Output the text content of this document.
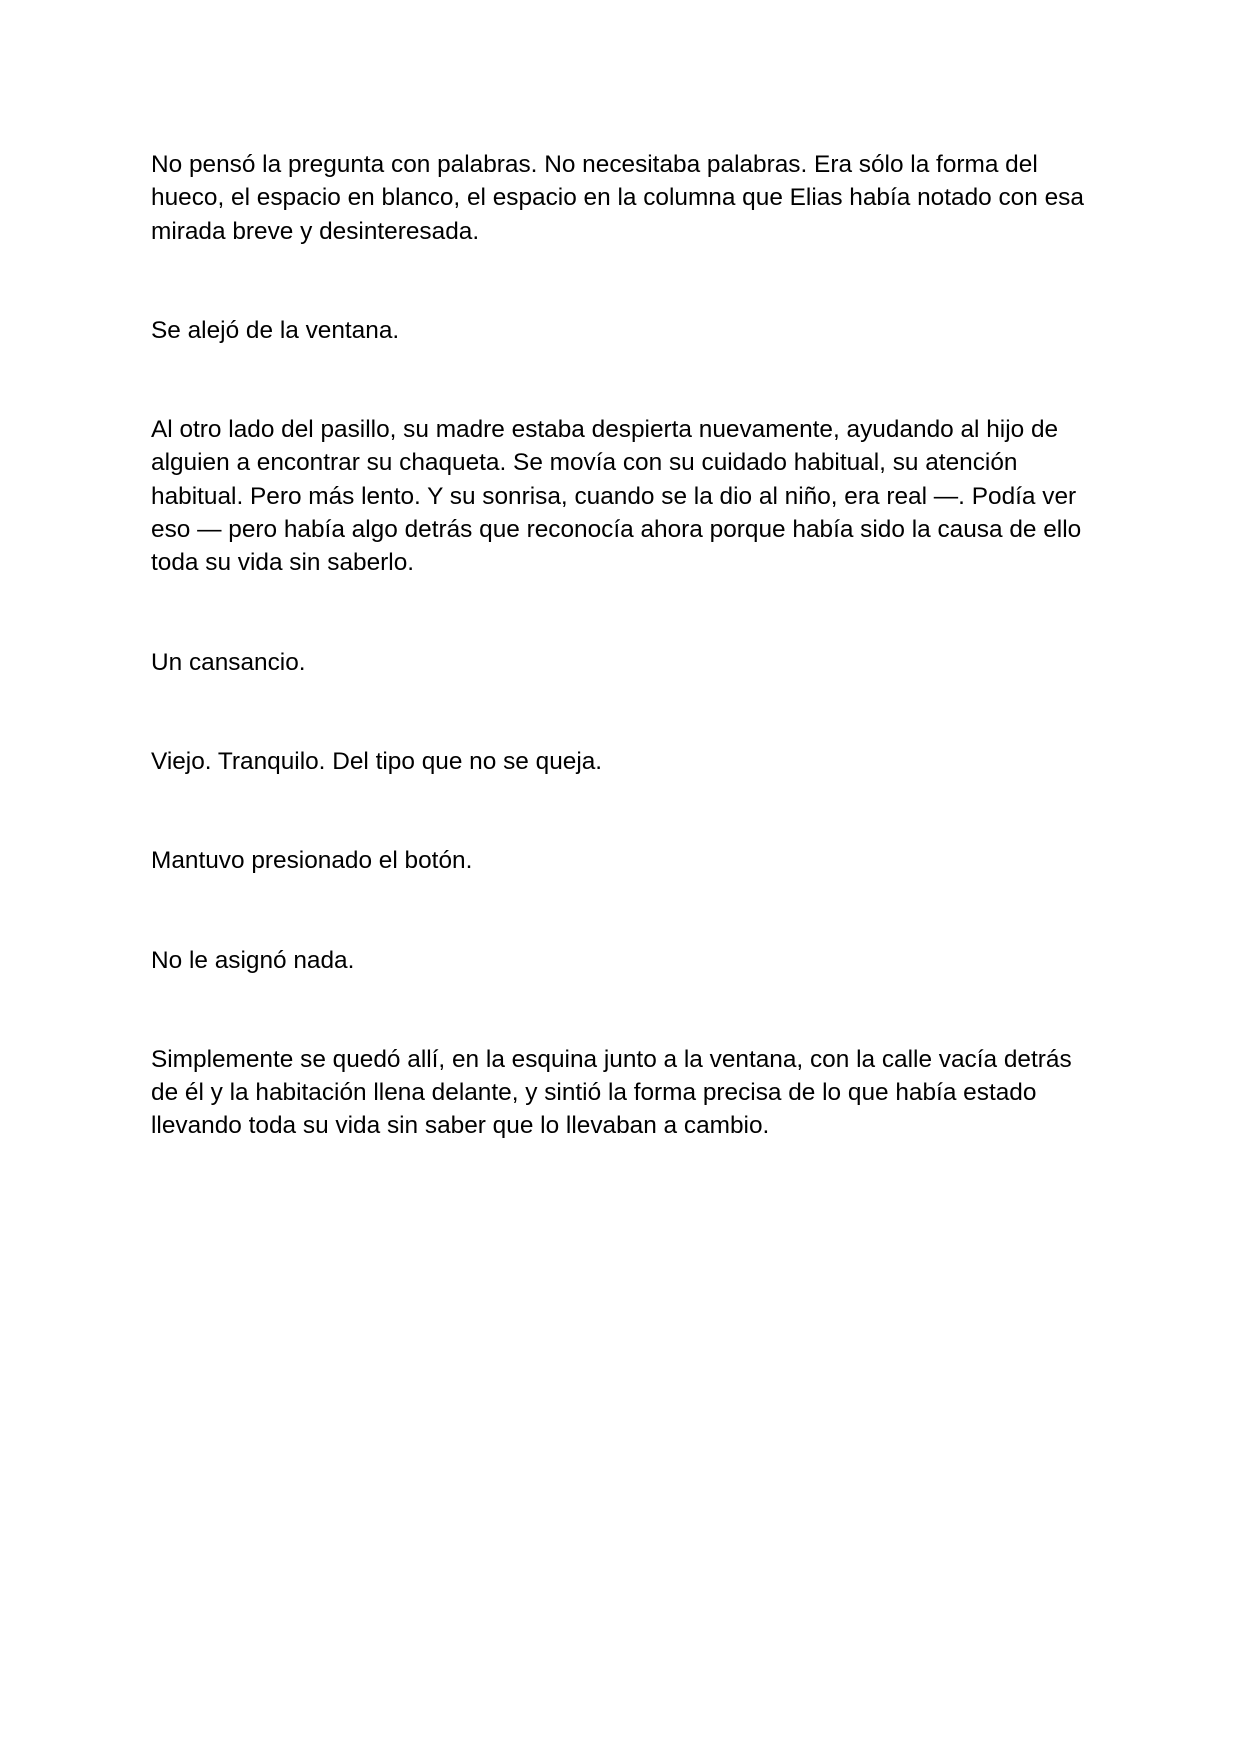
No pensó la pregunta con palabras. No necesitaba palabras. Era sólo la forma del hueco, el espacio en blanco, el espacio en la columna que Elias había notado con esa mirada breve y desinteresada.

Se alejó de la ventana.

Al otro lado del pasillo, su madre estaba despierta nuevamente, ayudando al hijo de alguien a encontrar su chaqueta. Se movía con su cuidado habitual, su atención habitual. Pero más lento. Y su sonrisa, cuando se la dio al niño, era real —. Podía ver eso — pero había algo detrás que reconocía ahora porque había sido la causa de ello toda su vida sin saberlo.

Un cansancio.

Viejo. Tranquilo. Del tipo que no se queja.

Mantuvo presionado el botón.

No le asignó nada.

Simplemente se quedó allí, en la esquina junto a la ventana, con la calle vacía detrás de él y la habitación llena delante, y sintió la forma precisa de lo que había estado llevando toda su vida sin saber que lo llevaban a cambio.
